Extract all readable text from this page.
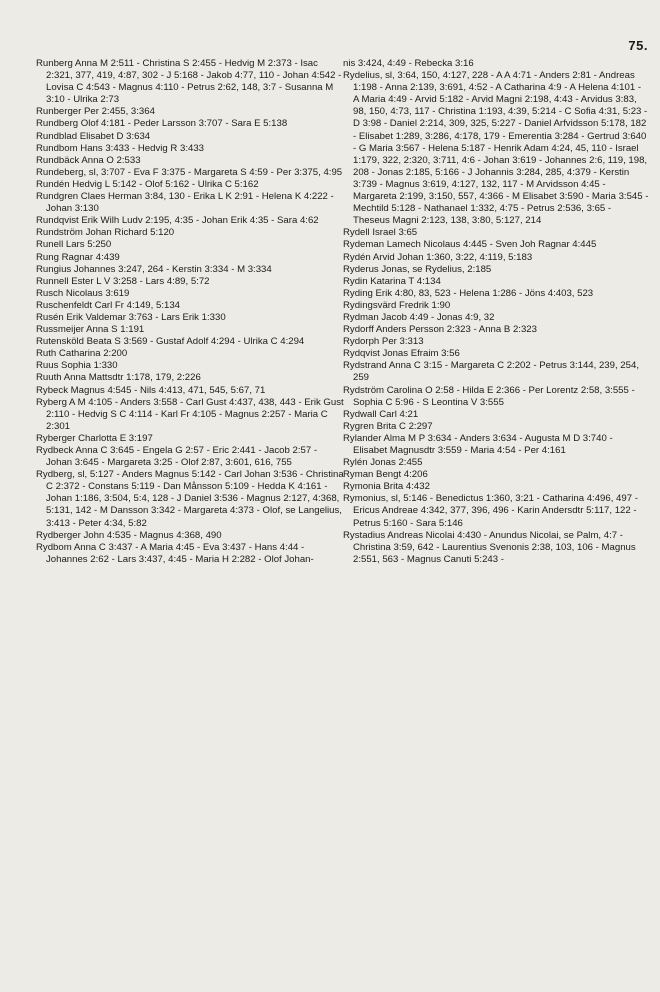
75.
Runberg Anna M 2:511 - Christina S 2:455 - Hedvig M 2:373 - Isac 2:321, 377, 419, 4:87, 302 - J 5:168 - Jakob 4:77, 110 - Johan 4:542 - Lovisa C 4:543 - Magnus 4:110 - Petrus 2:62, 148, 3:7 - Susanna M 3:10 - Ulrika 2:73
Runberger Per 2:455, 3:364
Rundberg Olof 4:181 - Peder Larsson 3:707 - Sara E 5:138
Rundblad Elisabet D 3:634
Rundbom Hans 3:433 - Hedvig R 3:433
Rundbäck Anna O 2:533
Rundeberg, sl, 3:707 - Eva F 3:375 - Margareta S 4:59 - Per 3:375, 4:95
Rundén Hedvig L 5:142 - Olof 5:162 - Ulrika C 5:162
Rundgren Claes Herman 3:84, 130 - Erika L K 2:91 - Helena K 4:222 - Johan 3:130
Rundqvist Erik Wilh Ludv 2:195, 4:35 - Johan Erik 4:35 - Sara 4:62
Rundström Johan Richard 5:120
Runell Lars 5:250
Rung Ragnar 4:439
Rungius Johannes 3:247, 264 - Kerstin 3:334 - M 3:334
Runnell Ester L V 3:258 - Lars 4:89, 5:72
Rusch Nicolaus 3:619
Ruschenfeldt Carl Fr 4:149, 5:134
Rusén Erik Valdemar 3:763 - Lars Erik 1:330
Russmeijer Anna S 1:191
Rutensköld Beata S 3:569 - Gustaf Adolf 4:294 - Ulrika C 4:294
Ruth Catharina 2:200
Ruus Sophia 1:330
Ruuth Anna Mattsdtr 1:178, 179, 2:226
Rybeck Magnus 4:545 - Nils 4:413, 471, 545, 5:67, 71
Ryberg A M 4:105 - Anders 3:558 - Carl Gust 4:437, 438, 443 - Erik Gust 2:110 - Hedvig S C 4:114 - Karl Fr 4:105 - Magnus 2:257 - Maria C 2:301
Ryberger Charlotta E 3:197
Rydbeck Anna C 3:645 - Engela G 2:57 - Eric 2:441 - Jacob 2:57 - Johan 3:645 - Margareta 3:25 - Olof 2:87, 3:601, 616, 755
Rydberg, sl, 5:127 - Anders Magnus 5:142 - Carl Johan 3:536 - Christina C 2:372 - Constans 5:119 - Dan Månsson 5:109 - Hedda K 4:161 - Johan 1:186, 3:504, 5:4, 128 - J Daniel 3:536 - Magnus 2:127, 4:368, 5:131, 142 - M Dansson 3:342 - Margareta 4:373 - Olof, se Langelius, 3:413 - Peter 4:34, 5:82
Rydberger John 4:535 - Magnus 4:368, 490
Rydbom Anna C 3:437 - A Maria 4:45 - Eva 3:437 - Hans 4:44 - Johannes 2:62 - Lars 3:437, 4:45 - Maria H 2:282 - Olof Johan-
nis 3:424, 4:49 - Rebecka 3:16
Rydelius, sl, 3:64, 150, 4:127, 228 - A A 4:71 - Anders 2:81 - Andreas 1:198 - Anna 2:139, 3:691, 4:52 - A Catharina 4:9 - A Helena 4:101 - A Maria 4:49 - Arvid 5:182 - Arvid Magni 2:198, 4:43 - Arvidus 3:83, 98, 150, 4:73, 117 - Christina 1:193, 4:39, 5:214 - C Sofia 4:31, 5:23 - D 3:98 - Daniel 2:214, 309, 325, 5:227 - Daniel Arfvidsson 5:178, 182 - Elisabet 1:289, 3:286, 4:178, 179 - Emerentia 3:284 - Gertrud 3:640 - G Maria 3:567 - Helena 5:187 - Henrik Adam 4:24, 45, 110 - Israel 1:179, 322, 2:320, 3:711, 4:6 - Johan 3:619 - Johannes 2:6, 119, 198, 208 - Jonas 2:185, 5:166 - J Johannis 3:284, 285, 4:379 - Kerstin 3:739 - Magnus 3:619, 4:127, 132, 117 - M Arvidsson 4:45 - Margareta 2:199, 3:150, 557, 4:366 - M Elisabet 3:590 - Maria 3:545 - Mechtild 5:128 - Nathanael 1:332, 4:75 - Petrus 2:536, 3:65 - Theseus Magni 2:123, 138, 3:80, 5:127, 214
Rydell Israel 3:65
Rydeman Lamech Nicolaus 4:445 - Sven Joh Ragnar 4:445
Rydén Arvid Johan 1:360, 3:22, 4:119, 5:183
Ryderus Jonas, se Rydelius, 2:185
Rydin Katarina T 4:134
Ryding Erik 4:80, 83, 523 - Helena 1:286 - Jöns 4:403, 523
Rydingsvärd Fredrik 1:90
Rydman Jacob 4:49 - Jonas 4:9, 32
Rydorff Anders Persson 2:323 - Anna B 2:323
Rydorph Per 3:313
Rydqvist Jonas Efraim 3:56
Rydstrand Anna C 3:15 - Margareta C 2:202 - Petrus 3:144, 239, 254, 259
Rydström Carolina O 2:58 - Hilda E 2:366 - Per Lorentz 2:58, 3:555 - Sophia C 5:96 - S Leontina V 3:555
Rydwall Carl 4:21
Rygren Brita C 2:297
Rylander Alma M P 3:634 - Anders 3:634 - Augusta M D 3:740 - Elisabet Magnusdtr 3:559 - Maria 4:54 - Per 4:161
Rylén Jonas 2:455
Ryman Bengt 4:206
Rymonia Brita 4:432
Rymonius, sl, 5:146 - Benedictus 1:360, 3:21 - Catharina 4:496, 497 - Ericus Andreae 4:342, 377, 396, 496 - Karin Andersdtr 5:117, 122 - Petrus 5:160 - Sara 5:146
Rystadius Andreas Nicolai 4:430 - Anundus Nicolai, se Palm, 4:7 - Christina 3:59, 642 - Laurentius Svenonis 2:38, 103, 106 - Magnus 2:551, 563 - Magnus Canuti 5:243 -
